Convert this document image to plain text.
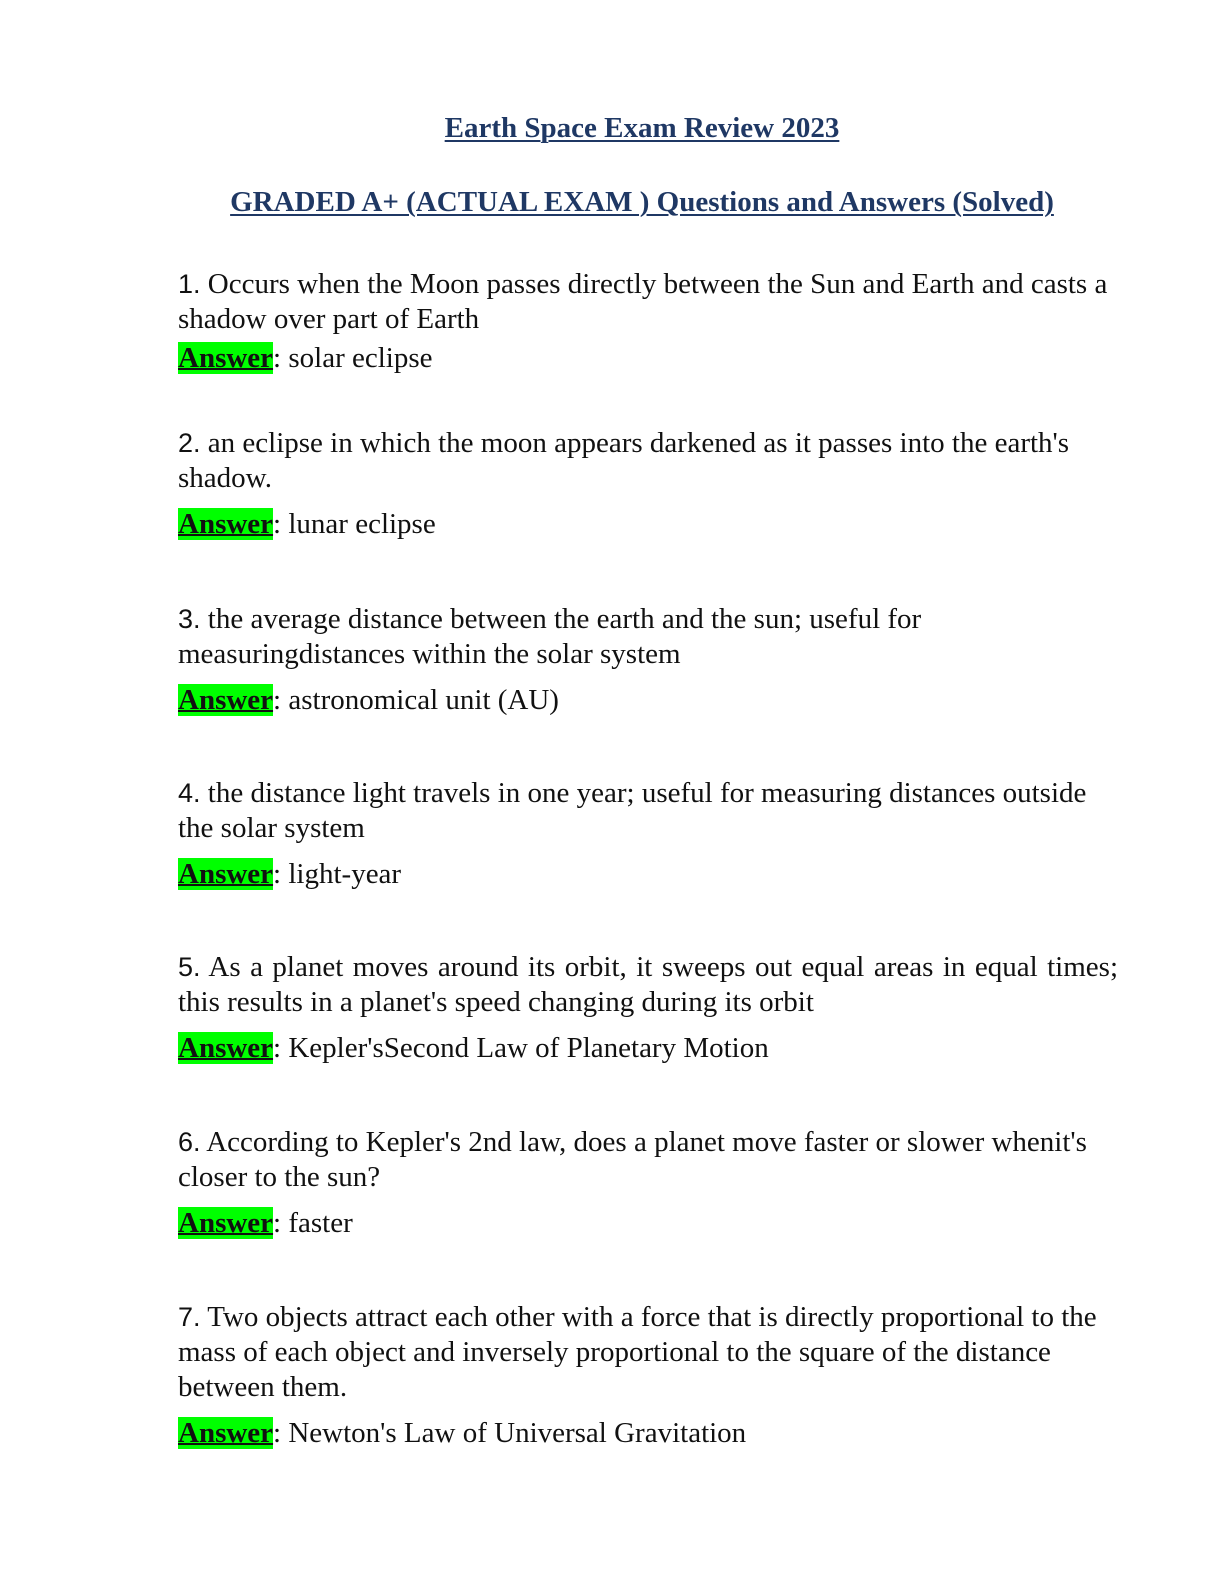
Earth Space Exam Review 2023
GRADED A+ (ACTUAL EXAM ) Questions and Answers (Solved)

1. Occurs when the Moon passes directly between the Sun and Earth and casts a shadow over part of Earth

Answer: solar eclipse

2. an eclipse in which the moon appears darkened as it passes into the earth's shadow.

Answer: lunar eclipse

3. the average distance between the earth and the sun; useful for measuringdistances within the solar system

Answer: astronomical unit (AU)

4. the distance light travels in one year; useful for measuring distances outside the solar system

Answer: light-year

5. As a planet moves around its orbit, it sweeps out equal areas in equal times; this results in a planet's speed changing during its orbit

Answer: Kepler'sSecond Law of Planetary Motion

6. According to Kepler's 2nd law, does a planet move faster or slower whenit's closer to the sun?

Answer: faster

7. Two objects attract each other with a force that is directly proportional to the mass of each object and inversely proportional to the square of the distance between them.

Answer: Newton's Law of Universal Gravitation
